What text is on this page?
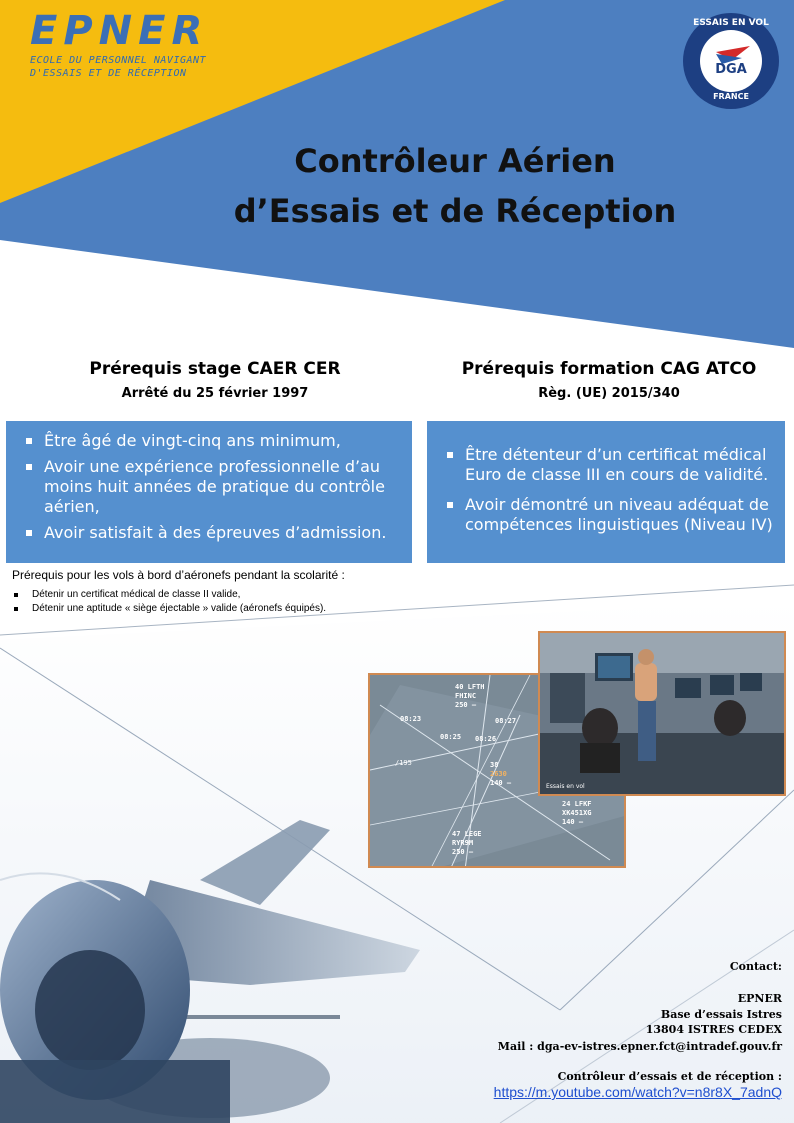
EPNER
ECOLE DU PERSONNEL NAVIGANT
D'ESSAIS ET DE RÉCEPTION
ESSAIS EN VOL
DGA
FRANCE
Contrôleur Aérien
d’Essais et de Réception
Prérequis stage CAER CER
Arrêté du 25 février 1997
Prérequis formation CAG ATCO
Règ. (UE) 2015/340
Être âgé de vingt-cinq ans minimum,
Avoir une expérience professionnelle d’au moins huit années de pratique du contrôle aérien,
Avoir satisfait à des épreuves d’admission.
Être détenteur d’un certificat médical Euro de classe III en cours de validité.
Avoir démontré un niveau adéquat de compétences linguistiques (Niveau IV)
Prérequis pour les vols à bord d’aéronefs pendant la scolarité :
Détenir un certificat médical de classe II valide,
Détenir une aptitude « siège éjectable » valide (aéronefs équipés).
40 LFTH
FHINC
250 –
08:23	08:27
08:25 08:26
/195	38
2630
140 –
24 LFKF
XK451XG
140 –
47 LEGE
RYR9M
250 –
Essais en vol
Contact:
EPNER
Base d’essais Istres
13804 ISTRES CEDEX
Mail : dga-ev-istres.epner.fct@intradef.gouv.fr
Contrôleur d’essais et de réception :
https://m.youtube.com/watch?v=n8r8X_7adnQ
